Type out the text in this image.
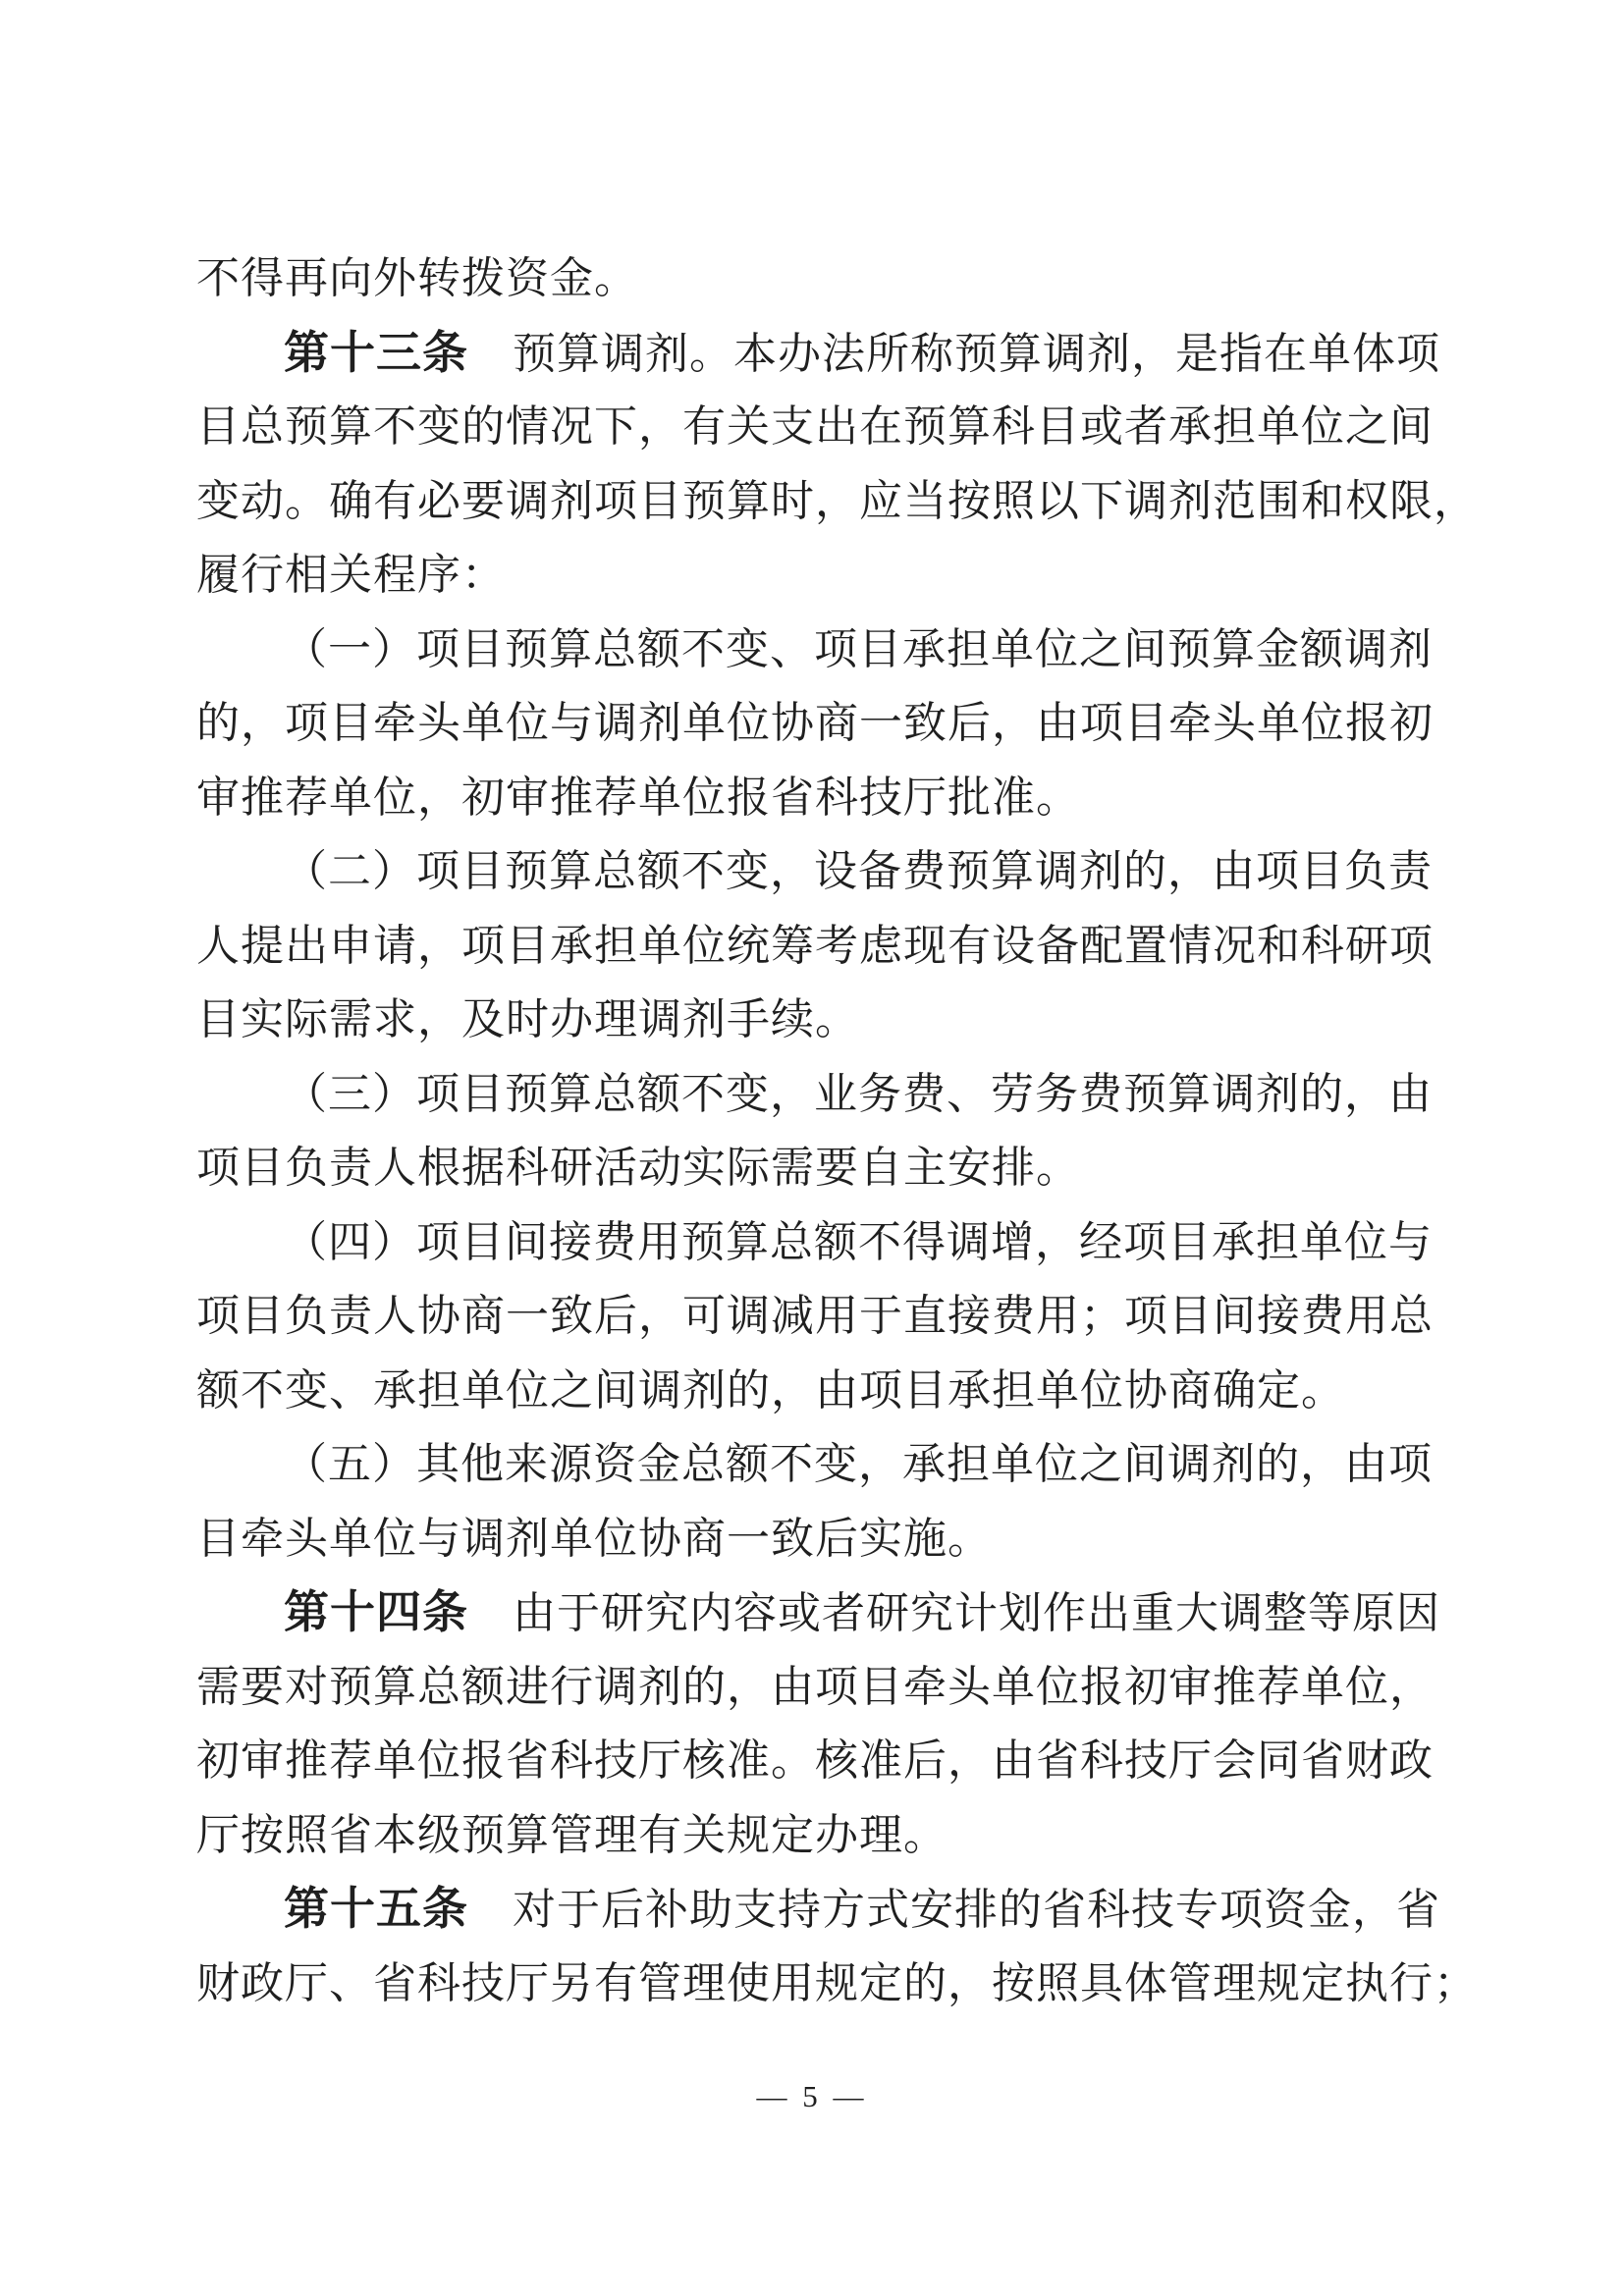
不得再向外转拨资金。
第十三条　预算调剂。本办法所称预算调剂，是指在单体项
目总预算不变的情况下，有关支出在预算科目或者承担单位之间
变动。确有必要调剂项目预算时，应当按照以下调剂范围和权限，
履行相关程序：
（一）项目预算总额不变、项目承担单位之间预算金额调剂
的，项目牵头单位与调剂单位协商一致后，由项目牵头单位报初
审推荐单位，初审推荐单位报省科技厅批准。
（二）项目预算总额不变，设备费预算调剂的，由项目负责
人提出申请，项目承担单位统筹考虑现有设备配置情况和科研项
目实际需求，及时办理调剂手续。
（三）项目预算总额不变，业务费、劳务费预算调剂的，由
项目负责人根据科研活动实际需要自主安排。
（四）项目间接费用预算总额不得调增，经项目承担单位与
项目负责人协商一致后，可调减用于直接费用；项目间接费用总
额不变、承担单位之间调剂的，由项目承担单位协商确定。
（五）其他来源资金总额不变，承担单位之间调剂的，由项
目牵头单位与调剂单位协商一致后实施。
第十四条　由于研究内容或者研究计划作出重大调整等原因
需要对预算总额进行调剂的，由项目牵头单位报初审推荐单位，
初审推荐单位报省科技厅核准。核准后，由省科技厅会同省财政
厅按照省本级预算管理有关规定办理。
第十五条　对于后补助支持方式安排的省科技专项资金，省
财政厅、省科技厅另有管理使用规定的，按照具体管理规定执行；
— 5 —
